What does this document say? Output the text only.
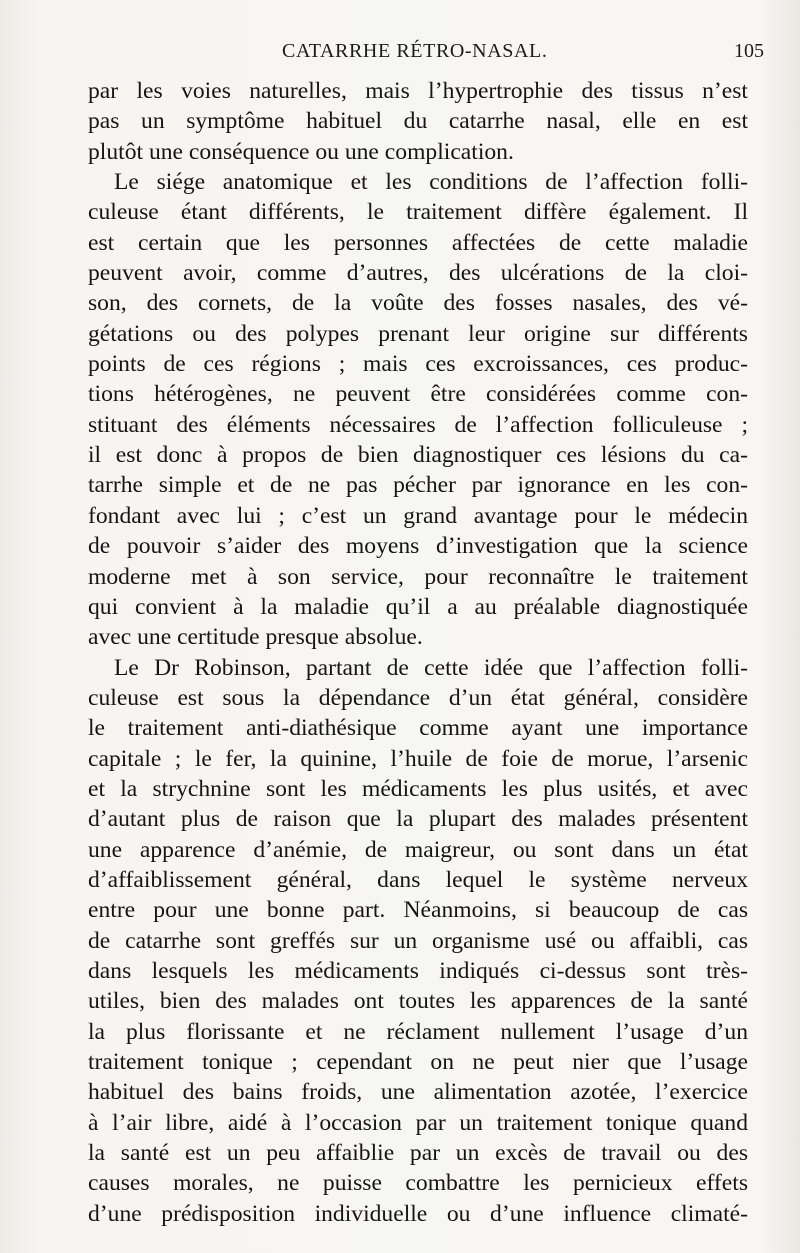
CATARRHE RÉTRO-NASAL.	105

par les voies naturelles, mais l’hypertrophie des tissus n’est
pas un symptôme habituel du catarrhe nasal, elle en est
plutôt une conséquence ou une complication.

Le siége anatomique et les conditions de l’affection folli-
culeuse étant différents, le traitement diffère également. Il
est certain que les personnes affectées de cette maladie
peuvent avoir, comme d’autres, des ulcérations de la cloi-
son, des cornets, de la voûte des fosses nasales, des vé-
gétations ou des polypes prenant leur origine sur différents
points de ces régions ; mais ces excroissances, ces produc-
tions hétérogènes, ne peuvent être considérées comme con-
stituant des éléments nécessaires de l’affection folliculeuse ;
il est donc à propos de bien diagnostiquer ces lésions du ca-
tarrhe simple et de ne pas pécher par ignorance en les con-
fondant avec lui ; c’est un grand avantage pour le médecin
de pouvoir s’aider des moyens d’investigation que la science
moderne met à son service, pour reconnaître le traitement
qui convient à la maladie qu’il a au préalable diagnostiquée
avec une certitude presque absolue.

Le Dr Robinson, partant de cette idée que l’affection folli-
culeuse est sous la dépendance d’un état général, considère
le traitement anti-diathésique comme ayant une importance
capitale ; le fer, la quinine, l’huile de foie de morue, l’arsenic
et la strychnine sont les médicaments les plus usités, et avec
d’autant plus de raison que la plupart des malades présentent
une apparence d’anémie, de maigreur, ou sont dans un état
d’affaiblissement général, dans lequel le système nerveux
entre pour une bonne part. Néanmoins, si beaucoup de cas
de catarrhe sont greffés sur un organisme usé ou affaibli, cas
dans lesquels les médicaments indiqués ci-dessus sont très-
utiles, bien des malades ont toutes les apparences de la santé
la plus florissante et ne réclament nullement l’usage d’un
traitement tonique ; cependant on ne peut nier que l’usage
habituel des bains froids, une alimentation azotée, l’exercice
à l’air libre, aidé à l’occasion par un traitement tonique quand
la santé est un peu affaiblie par un excès de travail ou des
causes morales, ne puisse combattre les pernicieux effets
d’une prédisposition individuelle ou d’une influence climaté-
